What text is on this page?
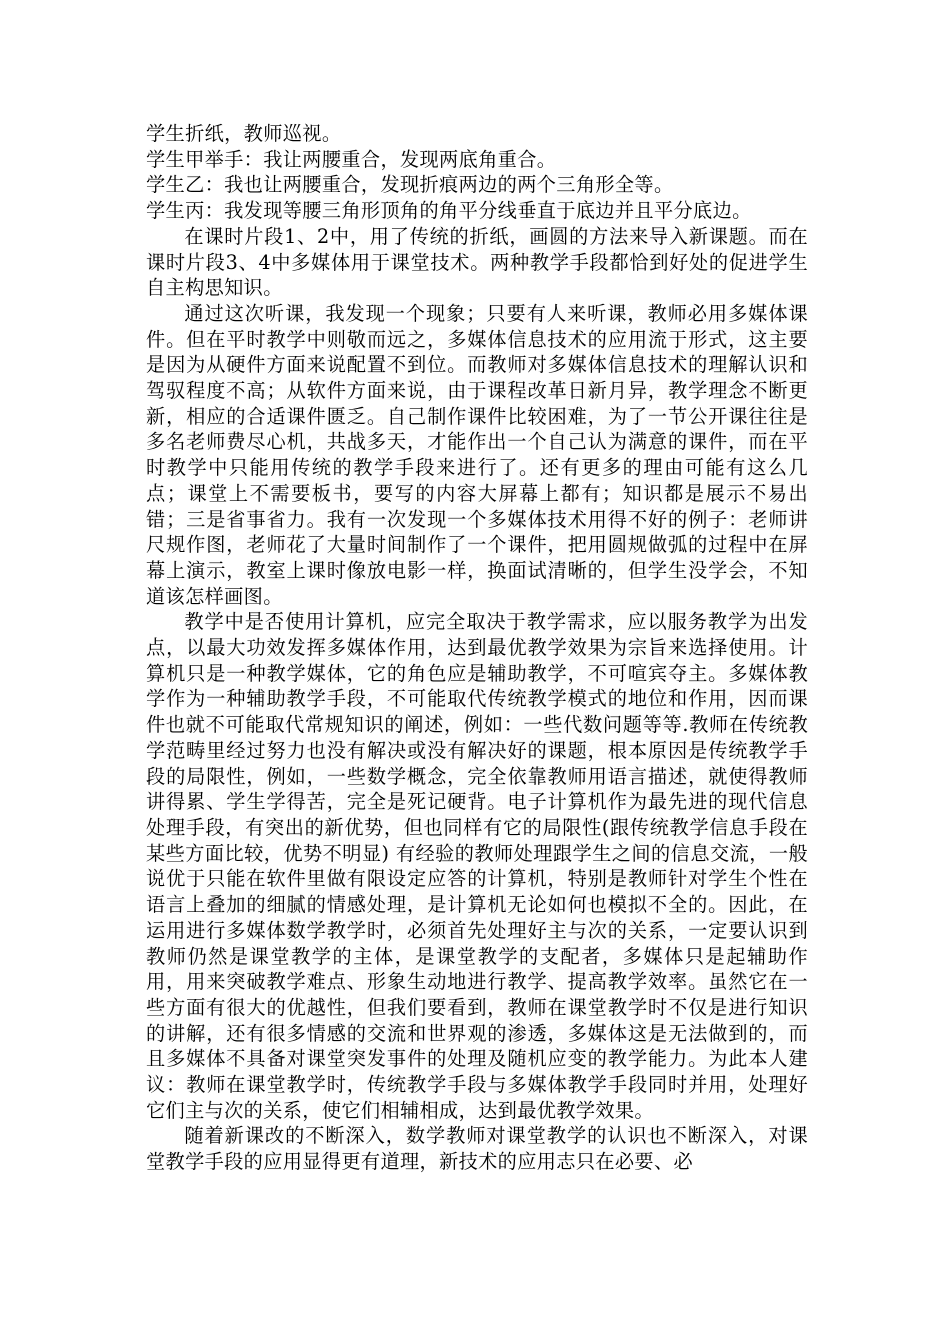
学生折纸，教师巡视。

学生甲举手：我让两腰重合，发现两底角重合。

学生乙：我也让两腰重合，发现折痕两边的两个三角形全等。

学生丙：我发现等腰三角形顶角的角平分线垂直于底边并且平分底边。

在课时片段1、2中，用了传统的折纸，画圆的方法来导入新课题。而在课时片段3、4中多媒体用于课堂技术。两种教学手段都恰到好处的促进学生自主构思知识。

通过这次听课，我发现一个现象；只要有人来听课，教师必用多媒体课件。但在平时教学中则敬而远之，多媒体信息技术的应用流于形式，这主要是因为从硬件方面来说配置不到位。而教师对多媒体信息技术的理解认识和驾驭程度不高；从软件方面来说，由于课程改革日新月异，教学理念不断更新，相应的合适课件匮乏。自己制作课件比较困难，为了一节公开课往往是多名老师费尽心机，共战多天，才能作出一个自己认为满意的课件，而在平时教学中只能用传统的教学手段来进行了。还有更多的理由可能有这么几点；课堂上不需要板书，要写的内容大屏幕上都有；知识都是展示不易出错；三是省事省力。我有一次发现一个多媒体技术用得不好的例子：老师讲尺规作图，老师花了大量时间制作了一个课件，把用圆规做弧的过程中在屏幕上演示，教室上课时像放电影一样，换面试清晰的，但学生没学会，不知道该怎样画图。

教学中是否使用计算机，应完全取决于教学需求，应以服务教学为出发点，以最大功效发挥多媒体作用，达到最优教学效果为宗旨来选择使用。计算机只是一种教学媒体，它的角色应是辅助教学，不可喧宾夺主。多媒体教学作为一种辅助教学手段，不可能取代传统教学模式的地位和作用，因而课件也就不可能取代常规知识的阐述，例如：一些代数问题等等.教师在传统教学范畴里经过努力也没有解决或没有解决好的课题，根本原因是传统教学手段的局限性，例如，一些数学概念，完全依靠教师用语言描述，就使得教师讲得累、学生学得苦，完全是死记硬背。电子计算机作为最先进的现代信息处理手段，有突出的新优势，但也同样有它的局限性(跟传统教学信息手段在某些方面比较，优势不明显) 有经验的教师处理跟学生之间的信息交流，一般说优于只能在软件里做有限设定应答的计算机，特别是教师针对学生个性在语言上叠加的细腻的情感处理，是计算机无论如何也模拟不全的。因此，在运用进行多媒体数学教学时，必须首先处理好主与次的关系，一定要认识到教师仍然是课堂教学的主体，是课堂教学的支配者，多媒体只是起辅助作用，用来突破教学难点、形象生动地进行教学、提高教学效率。虽然它在一些方面有很大的优越性，但我们要看到，教师在课堂教学时不仅是进行知识的讲解，还有很多情感的交流和世界观的渗透，多媒体这是无法做到的，而且多媒体不具备对课堂突发事件的处理及随机应变的教学能力。为此本人建议：教师在课堂教学时，传统教学手段与多媒体教学手段同时并用，处理好它们主与次的关系，使它们相辅相成，达到最优教学效果。

随着新课改的不断深入，数学教师对课堂教学的认识也不断深入，对课堂教学手段的应用显得更有道理，新技术的应用志只在必要、必
